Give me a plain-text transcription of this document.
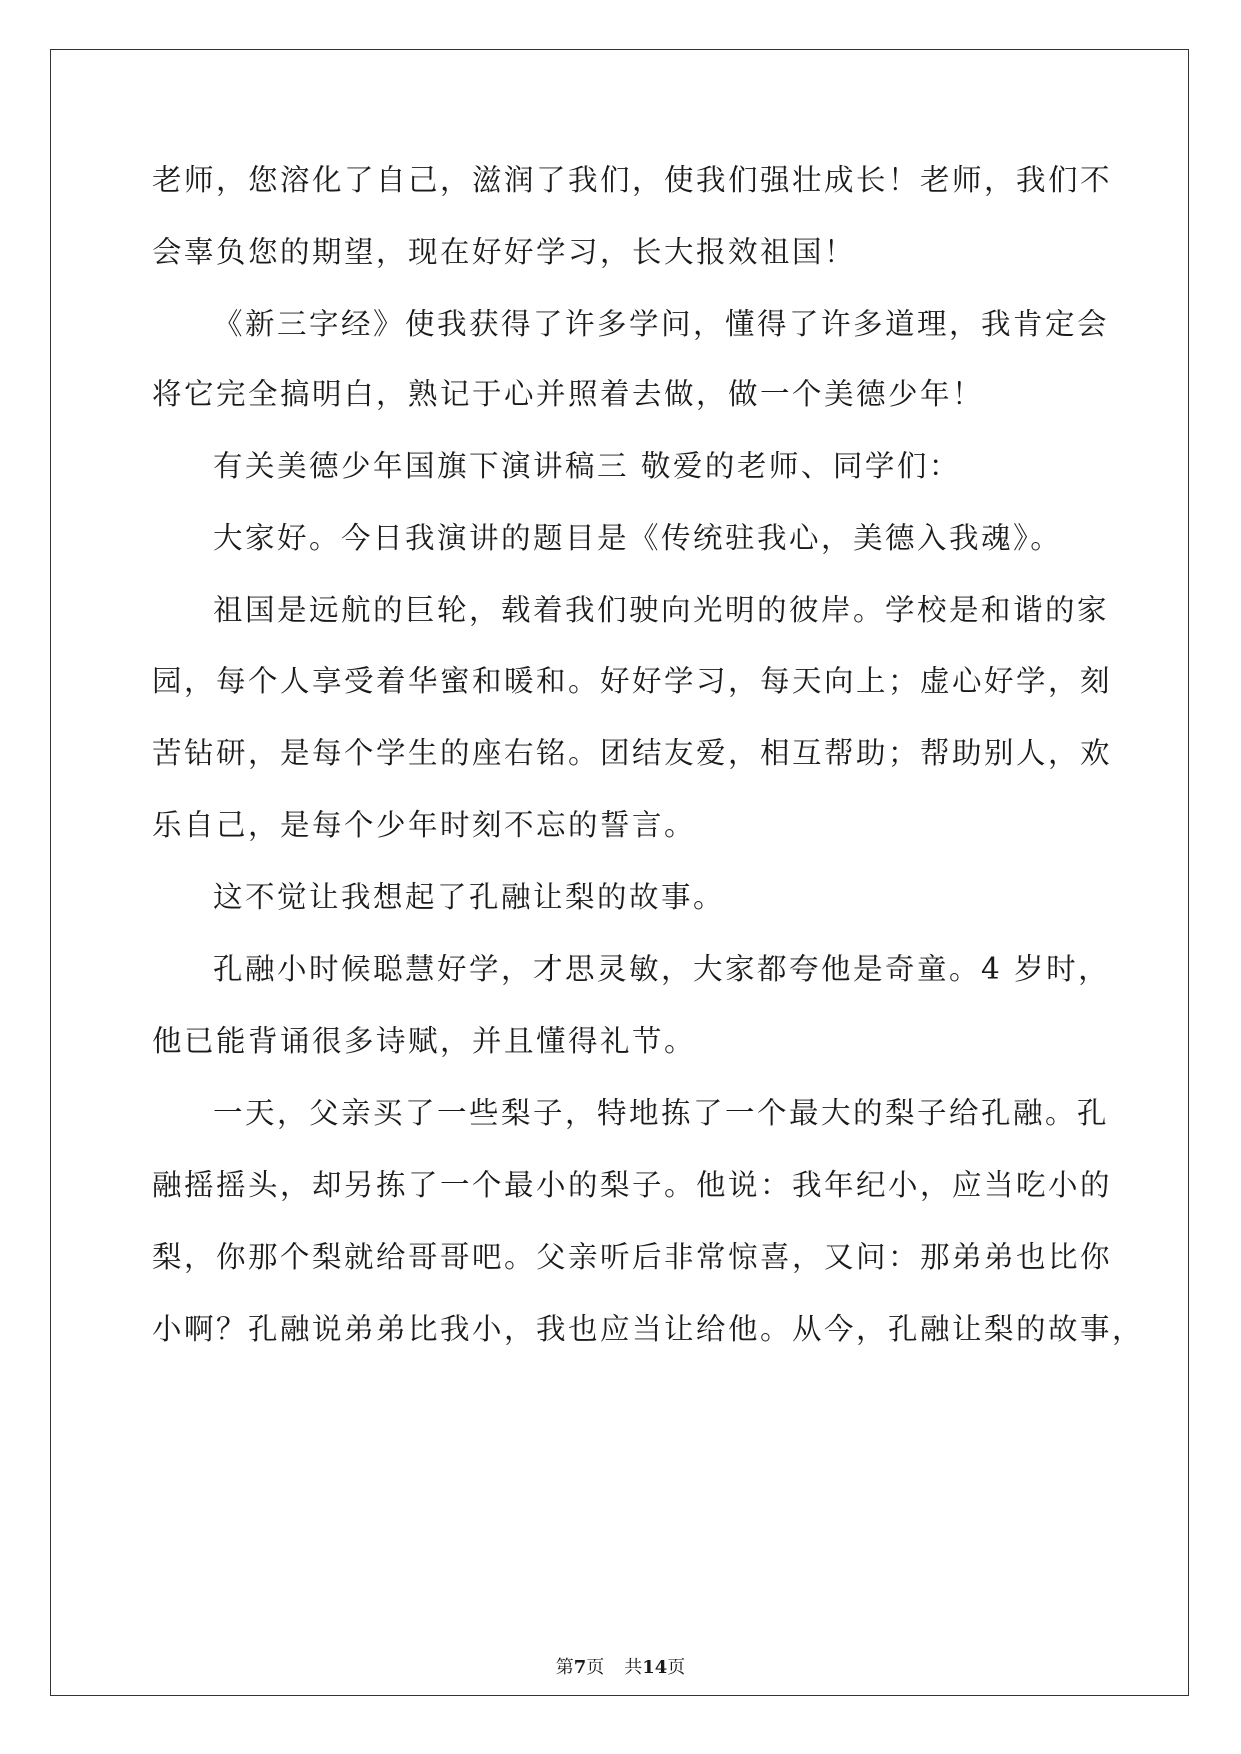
老师，您溶化了自己，滋润了我们，使我们强壮成长！老师，我们不
会辜负您的期望，现在好好学习，长大报效祖国！
《新三字经》使我获得了许多学问，懂得了许多道理，我肯定会
将它完全搞明白，熟记于心并照着去做，做一个美德少年！
有关美德少年国旗下演讲稿三 敬爱的老师、同学们：
大家好。今日我演讲的题目是《传统驻我心，美德入我魂》。
祖国是远航的巨轮，载着我们驶向光明的彼岸。学校是和谐的家
园，每个人享受着华蜜和暖和。好好学习，每天向上；虚心好学，刻
苦钻研，是每个学生的座右铭。团结友爱，相互帮助；帮助别人，欢
乐自己，是每个少年时刻不忘的誓言。
这不觉让我想起了孔融让梨的故事。
孔融小时候聪慧好学，才思灵敏，大家都夸他是奇童。4 岁时，
他已能背诵很多诗赋，并且懂得礼节。
一天，父亲买了一些梨子，特地拣了一个最大的梨子给孔融。孔
融摇摇头，却另拣了一个最小的梨子。他说：我年纪小，应当吃小的
梨，你那个梨就给哥哥吧。父亲听后非常惊喜，又问：那弟弟也比你
小啊？孔融说弟弟比我小，我也应当让给他。从今，孔融让梨的故事，
第7页 共14页
